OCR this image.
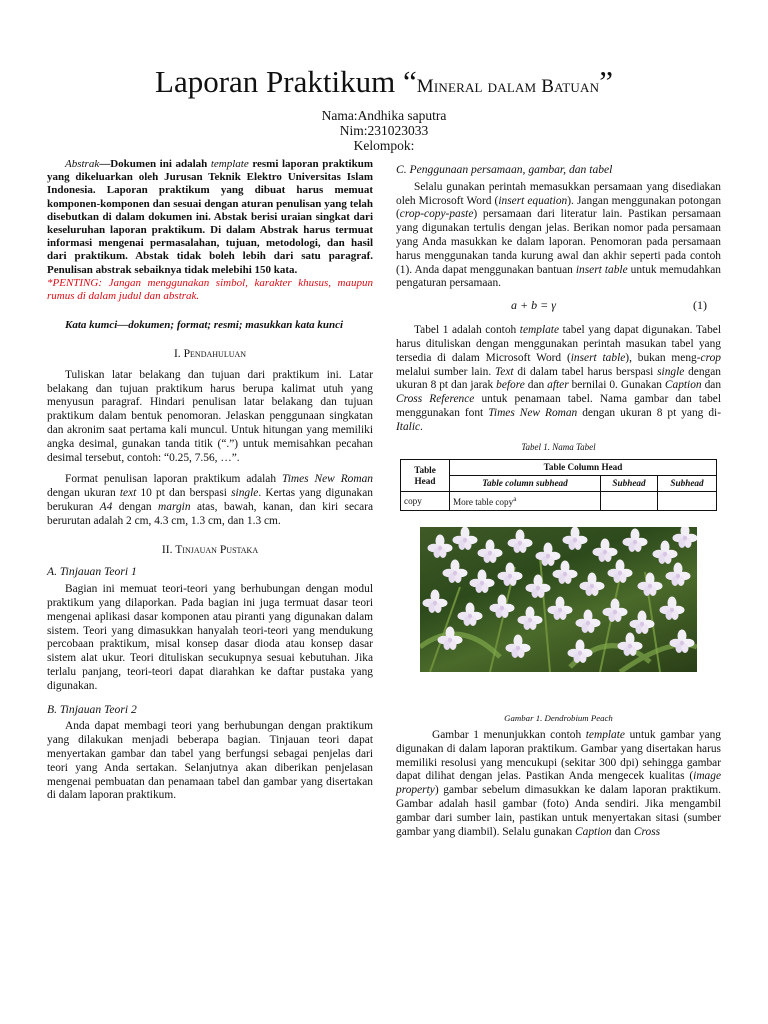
Laporan Praktikum “Mineral dalam Batuan”
Nama:Andhika saputra
Nim:231023033
Kelompok:

Abstrak—Dokumen ini adalah template resmi laporan praktikum yang dikeluarkan oleh Jurusan Teknik Elektro Universitas Islam Indonesia. Laporan praktikum yang dibuat harus memuat komponen-komponen dan sesuai dengan aturan penulisan yang telah disebutkan di dalam dokumen ini. Abstak berisi uraian singkat dari keseluruhan laporan praktikum. Di dalam Abstrak harus termuat informasi mengenai permasalahan, tujuan, metodologi, dan hasil dari praktikum. Abstak tidak boleh lebih dari satu paragraf. Penulisan abstrak sebaiknya tidak melebihi 150 kata.

*PENTING: Jangan menggunakan simbol, karakter khusus, maupun rumus di dalam judul dan abstrak.

Kata kumci—dokumen; format; resmi; masukkan kata kunci

I. Pendahuluan

Tuliskan latar belakang dan tujuan dari praktikum ini. Latar belakang dan tujuan praktikum harus berupa kalimat utuh yang menyusun paragraf. Hindari penulisan latar belakang dan tujuan praktikum dalam bentuk penomoran. Jelaskan penggunaan singkatan dan akronim saat pertama kali muncul. Untuk hitungan yang memiliki angka desimal, gunakan tanda titik (“.”) untuk memisahkan pecahan desimal tersebut, contoh: “0.25, 7.56, …”.

Format penulisan laporan praktikum adalah Times New Roman dengan ukuran text 10 pt dan berspasi single. Kertas yang digunakan berukuran A4 dengan margin atas, bawah, kanan, dan kiri secara berurutan adalah 2 cm, 4.3 cm, 1.3 cm, dan 1.3 cm.

II. Tinjauan Pustaka

A. Tinjauan Teori 1

Bagian ini memuat teori-teori yang berhubungan dengan modul praktikum yang dilaporkan. Pada bagian ini juga termuat dasar teori mengenai aplikasi dasar komponen atau piranti yang digunakan dalam sistem. Teori yang dimasukkan hanyalah teori-teori yang mendukung percobaan praktikum, misal konsep dasar dioda atau konsep dasar sistem alat ukur. Teori dituliskan secukupnya sesuai kebutuhan. Jika terlalu panjang, teori-teori dapat diarahkan ke daftar pustaka yang digunakan.

B. Tinjauan Teori 2

Anda dapat membagi teori yang berhubungan dengan praktikum yang dilakukan menjadi beberapa bagian. Tinjauan teori dapat menyertakan gambar dan tabel yang berfungsi sebagai penjelas dari teori yang Anda sertakan. Selanjutnya akan diberikan penjelasan mengenai pembuatan dan penamaan tabel dan gambar yang disertakan di dalam laporan praktikum.

C. Penggunaan persamaan, gambar, dan tabel

Selalu gunakan perintah memasukkan persamaan yang disediakan oleh Microsoft Word (insert equation). Jangan menggunakan potongan (crop-copy-paste) persamaan dari literatur lain. Pastikan persamaan yang digunakan tertulis dengan jelas. Berikan nomor pada persamaan yang Anda masukkan ke dalam laporan. Penomoran pada persamaan harus menggunakan tanda kurung awal dan akhir seperti pada contoh (1). Anda dapat menggunakan bantuan insert table untuk memudahkan pengaturan persamaan.

a + b = γ	(1)

Tabel 1 adalah contoh template tabel yang dapat digunakan. Tabel harus dituliskan dengan menggunakan perintah masukan tabel yang tersedia di dalam Microsoft Word (insert table), bukan meng-crop melalui sumber lain. Text di dalam tabel harus berspasi single dengan ukuran 8 pt dan jarak before dan after bernilai 0. Gunakan Caption dan Cross Reference untuk penamaan tabel. Nama gambar dan tabel menggunakan font Times New Roman dengan ukuran 8 pt yang di-Italic.

Tabel 1. Nama Tabel

Table Head	Table Column Head		
	Table column subhead	Subhead	Subhead
copy	More table copy$^a$		
Gambar 1. Dendrobium Peach

Gambar 1 menunjukkan contoh template untuk gambar yang digunakan di dalam laporan praktikum. Gambar yang disertakan harus memiliki resolusi yang mencukupi (sekitar 300 dpi) sehingga gambar dapat dilihat dengan jelas. Pastikan Anda mengecek kualitas (image property) gambar sebelum dimasukkan ke dalam laporan praktikum. Gambar adalah hasil gambar (foto) Anda sendiri. Jika mengambil gambar dari sumber lain, pastikan untuk menyertakan sitasi (sumber gambar yang diambil). Selalu gunakan Caption dan Cross
